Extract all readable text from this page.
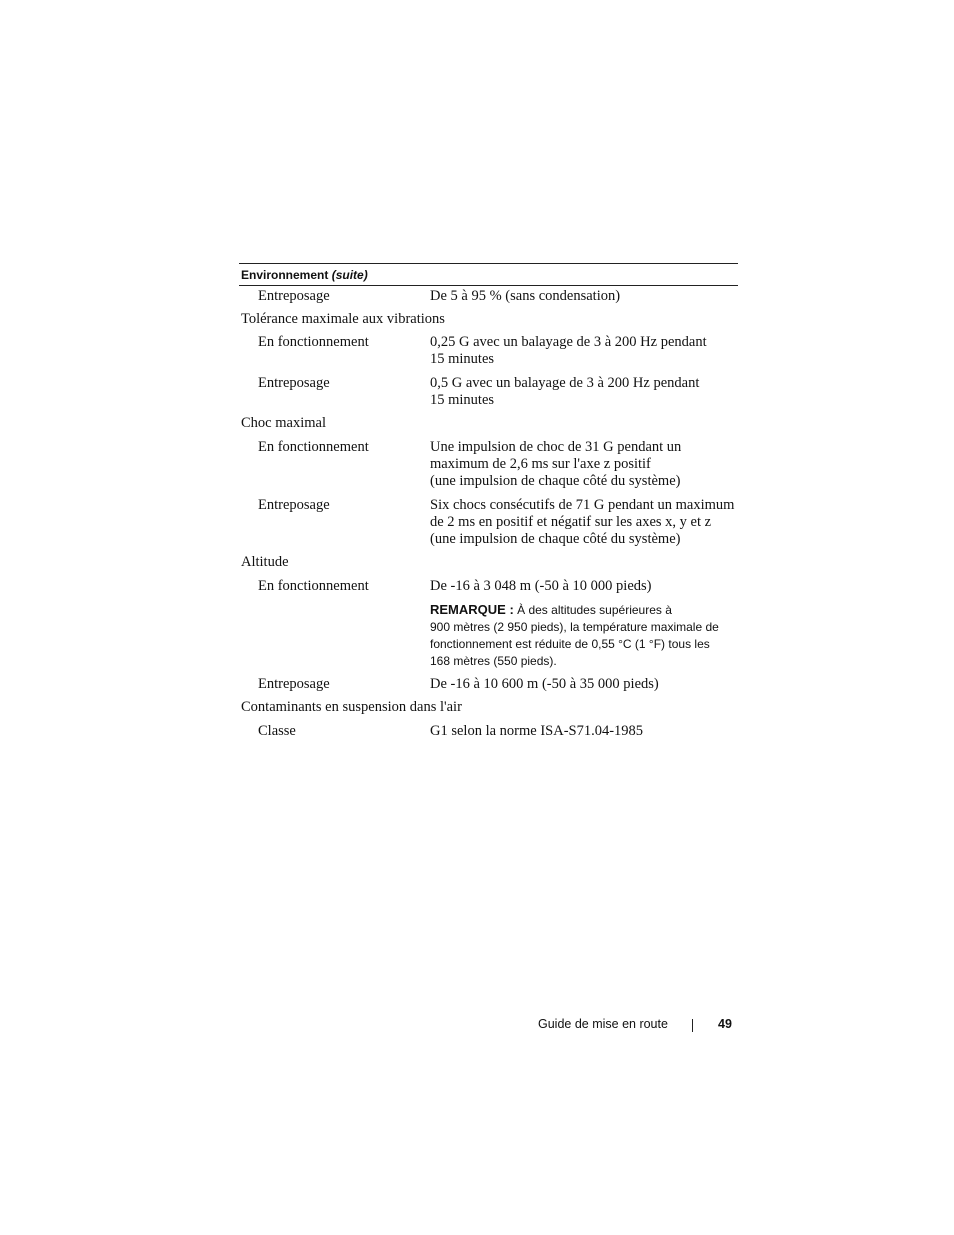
Environnement (suite)
Entreposage	De 5 à 95 % (sans condensation)
Tolérance maximale aux vibrations
En fonctionnement	0,25 G avec un balayage de 3 à 200 Hz pendant
15 minutes
Entreposage	0,5 G avec un balayage de 3 à 200 Hz pendant
15 minutes
Choc maximal
En fonctionnement	Une impulsion de choc de 31 G pendant un
maximum de 2,6 ms sur l'axe z positif
(une impulsion de chaque côté du système)
Entreposage	Six chocs consécutifs de 71 G pendant un maximum
de 2 ms en positif et négatif sur les axes x, y et z
(une impulsion de chaque côté du système)
Altitude
En fonctionnement	De -16 à 3 048 m (-50 à 10 000 pieds)
REMARQUE : À des altitudes supérieures à
900 mètres (2 950 pieds), la température maximale de
fonctionnement est réduite de 0,55 °C (1 °F) tous les
168 mètres (550 pieds).
Entreposage	De -16 à 10 600 m (-50 à 35 000 pieds)
Contaminants en suspension dans l'air
Classe	G1 selon la norme ISA-S71.04-1985
Guide de mise en route	49
